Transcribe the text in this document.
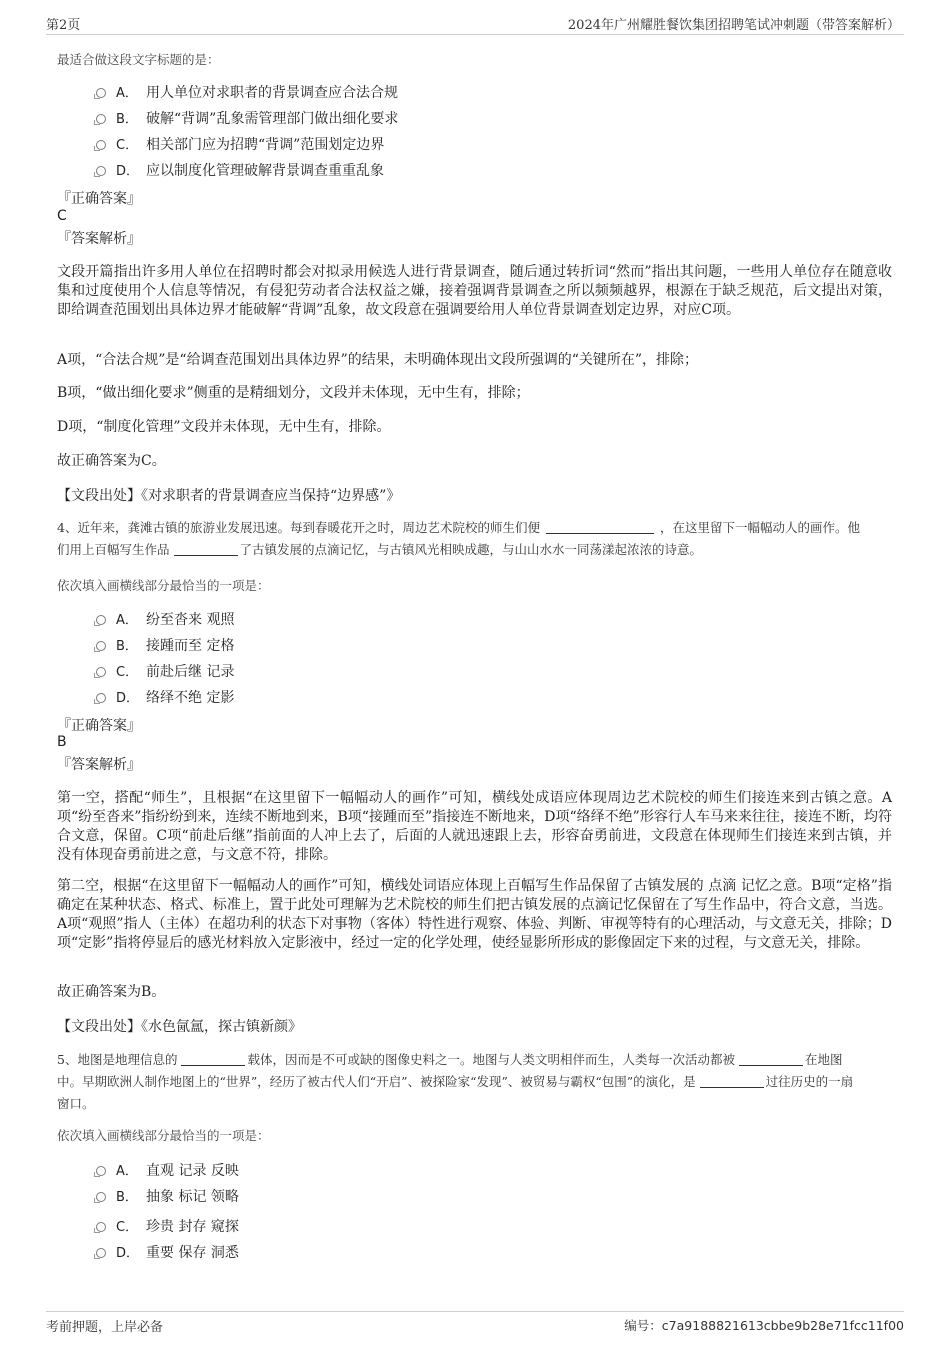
第2页	2024年广州耀胜餐饮集团招聘笔试冲刺题（带答案解析）
最适合做这段文字标题的是：
A． 用人单位对求职者的背景调查应合法合规
B． 破解“背调”乱象需管理部门做出细化要求
C． 相关部门应为招聘“背调”范围划定边界
D． 应以制度化管理破解背景调查重重乱象
『正确答案』
C
『答案解析』
文段开篇指出许多用人单位在招聘时都会对拟录用候选人进行背景调查，随后通过转折词“然而”指出其问题，一些用人单位存在随意收集和过度使用个人信息等情况，有侵犯劳动者合法权益之嫌，接着强调背景调查之所以频频越界，根源在于缺乏规范，后文提出对策，即给调查范围划出具体边界才能破解“背调”乱象，故文段意在强调要给用人单位背景调查划定边界，对应C项。
A项，“合法合规”是“给调查范围划出具体边界”的结果，未明确体现出文段所强调的“关键所在”，排除；
B项，“做出细化要求”侧重的是精细划分，文段并未体现，无中生有，排除；
D项，“制度化管理”文段并未体现，无中生有，排除。
故正确答案为C。
【文段出处】《对求职者的背景调查应当保持“边界感”》
4、近年来，龚滩古镇的旅游业发展迅速。每到春暖花开之时，周边艺术院校的师生们便	，在这里留下一幅幅动人的画作。他
们用上百幅写生作品	了古镇发展的点滴记忆，与古镇风光相映成趣，与山山水水一同荡漾起浓浓的诗意。
依次填入画横线部分最恰当的一项是：
A． 纷至沓来 观照
B． 接踵而至 定格
C． 前赴后继 记录
D． 络绎不绝 定影
『正确答案』
B
『答案解析』
第一空，搭配“师生”，且根据“在这里留下一幅幅动人的画作”可知，横线处成语应体现周边艺术院校的师生们接连来到古镇之意。A项“纷至沓来”指纷纷到来，连续不断地到来，B项“接踵而至”指接连不断地来，D项“络绎不绝”形容行人车马来来往往，接连不断，均符合文意，保留。C项“前赴后继”指前面的人冲上去了，后面的人就迅速跟上去，形容奋勇前进，文段意在体现师生们接连来到古镇，并没有体现奋勇前进之意，与文意不符，排除。
第二空，根据“在这里留下一幅幅动人的画作”可知，横线处词语应体现上百幅写生作品保留了古镇发展的 点滴 记忆之意。B项“定格”指确定在某种状态、格式、标准上，置于此处可理解为艺术院校的师生们把古镇发展的点滴记忆保留在了写生作品中，符合文意，当选。A项“观照”指人（主体）在超功利的状态下对事物（客体）特性进行观察、体验、判断、审视等特有的心理活动，与文意无关，排除；D项“定影”指将停显后的感光材料放入定影液中，经过一定的化学处理，使经显影所形成的影像固定下来的过程，与文意无关，排除。
故正确答案为B。
【文段出处】《水色氤氲，探古镇新颜》
5、地图是地理信息的	载体，因而是不可或缺的图像史料之一。地图与人类文明相伴而生，人类每一次活动都被	在地图
中。早期欧洲人制作地图上的“世界”，经历了被古代人们“开启”、被探险家“发现”、被贸易与霸权“包围”的演化，是	过往历史的一扇
窗口。
依次填入画横线部分最恰当的一项是：
A． 直观 记录 反映
B． 抽象 标记 领略
C． 珍贵 封存 窥探
D． 重要 保存 洞悉
考前押题，上岸必备	编号：c7a9188821613cbbe9b28e71fcc11f00
